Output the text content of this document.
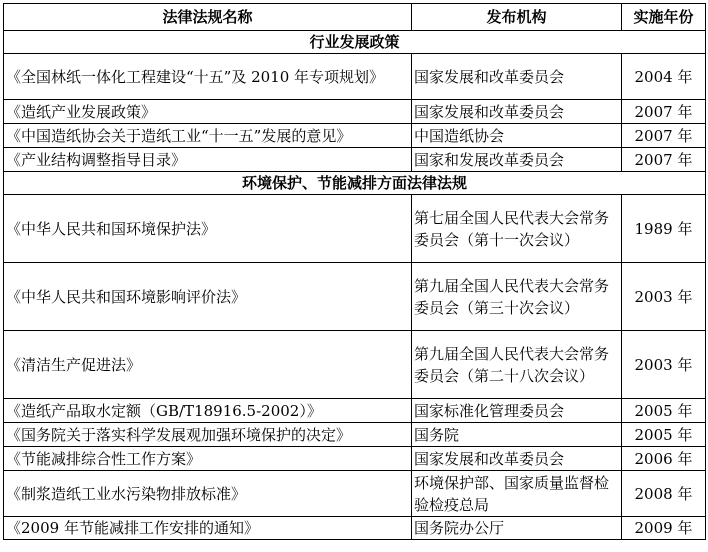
法律法规名称	发布机构	实施年份
行业发展政策		
《全国林纸一体化工程建设“十五”及 2010 年专项规划》	国家发展和改革委员会	2004 年
《造纸产业发展政策》	国家发展和改革委员会	2007 年
《中国造纸协会关于造纸工业“十一五”发展的意见》	中国造纸协会	2007 年
《产业结构调整指导目录》	国家和发展改革委员会	2007 年
环境保护、节能减排方面法律法规		
《中华人民共和国环境保护法》	第七届全国人民代表大会常务委员会（第十一次会议）	1989 年
《中华人民共和国环境影响评价法》	第九届全国人民代表大会常务委员会（第三十次会议）	2003 年
《清洁生产促进法》	第九届全国人民代表大会常务委员会（第二十八次会议）	2003 年
《造纸产品取水定额（GB/T18916.5-2002）》	国家标准化管理委员会	2005 年
《国务院关于落实科学发展观加强环境保护的决定》	国务院	2005 年
《节能减排综合性工作方案》	国家发展和改革委员会	2006 年
《制浆造纸工业水污染物排放标准》	环境保护部、国家质量监督检验检疫总局	2008 年
《2009 年节能减排工作安排的通知》	国务院办公厅	2009 年
